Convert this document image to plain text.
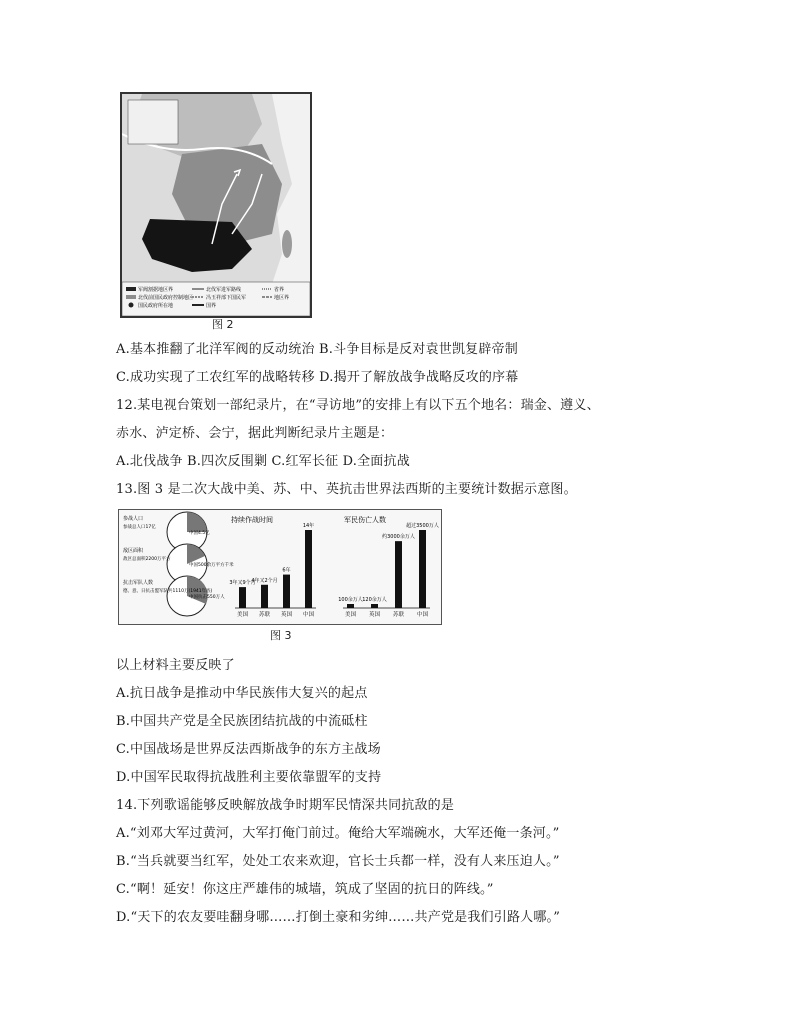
军阀割据地区界
北伐前国民政府控制地区
国民政府所在地
北伐军进军路线
冯玉祥部下国民军
国界
省界
地区界
图 2
A.基本推翻了北洋军阀的反动统治 B.斗争目标是反对袁世凯复辟帝制
C.成功实现了工农红军的战略转移 D.揭开了解放战争战略反攻的序幕
12.某电视台策划一部纪录片，在“寻访地”的安排上有以下五个地名：瑞金、遵义、
赤水、泸定桥、会宁，据此判断纪录片主题是：
A.北伐战争 B.四次反围剿 C.红军长征 D.全面抗战
13.图 3 是二次大战中美、苏、中、英抗击世界法西斯的主要统计数据示意图。
参战人口
参战总人口17亿
中国4.5亿
敌区面积
敌区总面积2200万平方
中国500余万平方千米
抗击军队人数
德、意、日抗击盟军队共1110万(1941年底)
中国抗击550万人
持续作战时间	军民伤亡人数
3年又9个月
美国
4年又2个月
苏联
6年
英国
14年
中国
100余万人
美国
120余万人
英国
约3000余万人
苏联
超过3500万人
中国
图 3
以上材料主要反映了
A.抗日战争是推动中华民族伟大复兴的起点
B.中国共产党是全民族团结抗战的中流砥柱
C.中国战场是世界反法西斯战争的东方主战场
D.中国军民取得抗战胜利主要依靠盟军的支持
14.下列歌谣能够反映解放战争时期军民情深共同抗敌的是
A.“刘邓大军过黄河，大军打俺门前过。俺给大军端碗水，大军还俺一条河。”
B.“当兵就要当红军，处处工农来欢迎，官长士兵都一样，没有人来压迫人。”
C.“啊！延安！你这庄严雄伟的城墙，筑成了坚固的抗日的阵线。”
D.“天下的农友要哇翻身哪……打倒土豪和劣绅……共产党是我们引路人哪。”
